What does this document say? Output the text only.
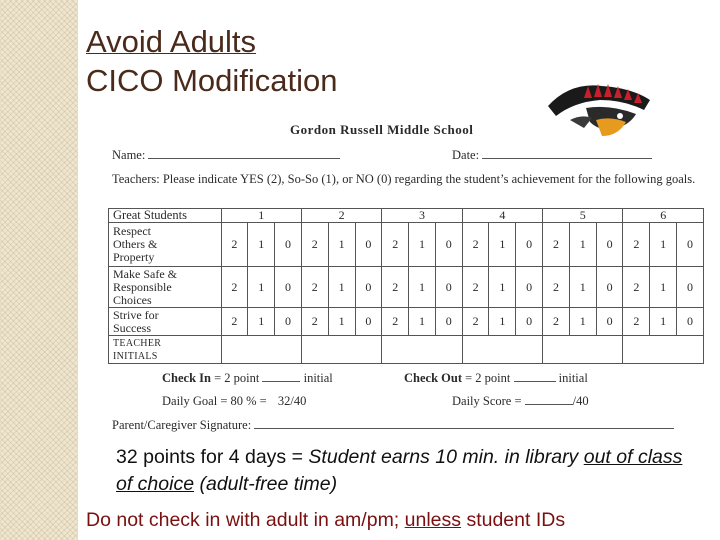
Avoid Adults
CICO Modification
Gordon Russell Middle School
Name:	Date:
Teachers: Please indicate YES (2), So-So (1), or NO (0) regarding the student’s achievement for the following goals.
Great Students	1			2			3			4			5			6		

Respect
Others &
Property	2	1	0	2	1	0	2	1	0	2	1	0	2	1	0	2	1	0

Make Safe &
Responsible
Choices	2	1	0	2	1	0	2	1	0	2	1	0	2	1	0	2	1	0

Strive for
Success	2	1	0	2	1	0	2	1	0	2	1	0	2	1	0	2	1	0

TEACHER
INITIALS																		

Check In = 2 point	initial	Check Out = 2 point	initial
Daily Goal = 80 % = 32/40	Daily Score =	/40
Parent/Caregiver Signature:
32 points for 4 days = Student earns 10 min. in library out of class of choice (adult-free time)
Do not check in with adult in am/pm; unless student IDs
